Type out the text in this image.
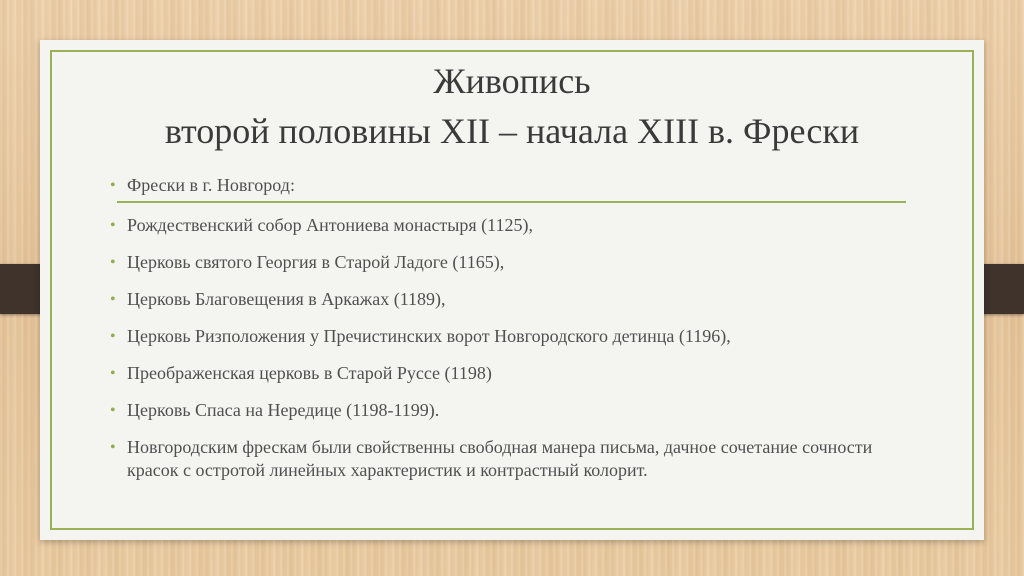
Живопись
второй половины XII – начала XIII в. Фрески
• Фрески в г. Новгород:
• Рождественский собор Антониева монастыря (1125),
• Церковь святого Георгия в Старой Ладоге (1165),
• Церковь Благовещения в Аркажах (1189),
• Церковь Ризположения у Пречистинских ворот Новгородского детинца (1196),
• Преображенская церковь в Старой Руссе (1198)
• Церковь Спаса на Нередице (1198-1199).
• Новгородским фрескам были свойственны свободная манера письма, дачное сочетание сочности красок с остротой линейных характеристик и контрастный колорит.
